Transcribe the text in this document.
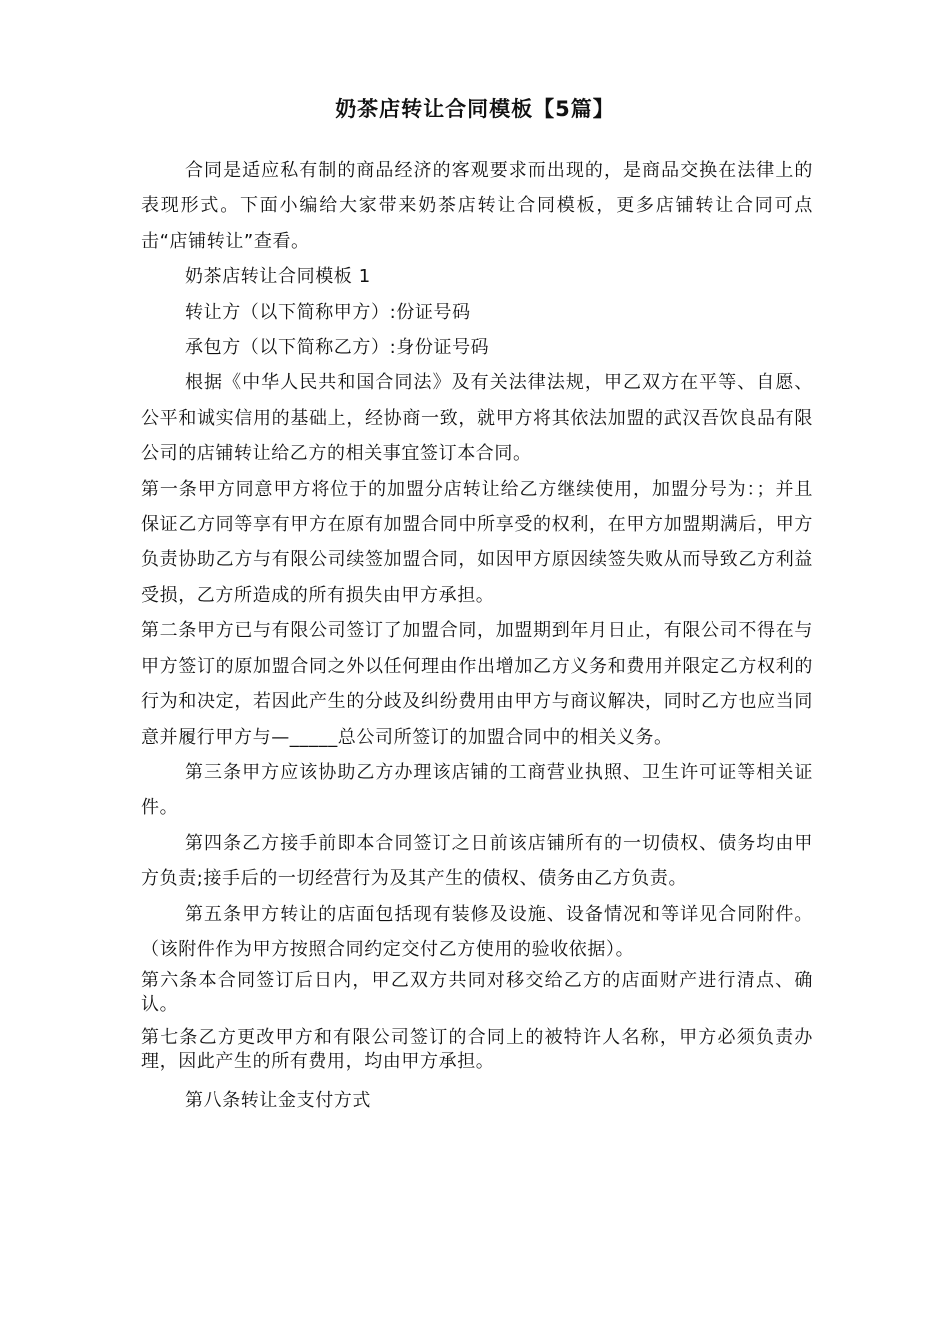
奶茶店转让合同模板【5篇】

合同是适应私有制的商品经济的客观要求而出现的，是商品交换在法律上的表现形式。下面小编给大家带来奶茶店转让合同模板，更多店铺转让合同可点击“店铺转让”查看。

奶茶店转让合同模板 1

转让方（以下简称甲方）:份证号码

承包方（以下简称乙方）:身份证号码

根据《中华人民共和国合同法》及有关法律法规，甲乙双方在平等、自愿、公平和诚实信用的基础上，经协商一致，就甲方将其依法加盟的武汉吾饮良品有限公司的店铺转让给乙方的相关事宜签订本合同。

第一条甲方同意甲方将位于的加盟分店转让给乙方继续使用，加盟分号为：；并且保证乙方同等享有甲方在原有加盟合同中所享受的权利，在甲方加盟期满后，甲方负责协助乙方与有限公司续签加盟合同，如因甲方原因续签失败从而导致乙方利益受损，乙方所造成的所有损失由甲方承担。

第二条甲方已与有限公司签订了加盟合同，加盟期到年月日止，有限公司不得在与甲方签订的原加盟合同之外以任何理由作出增加乙方义务和费用并限定乙方权利的行为和决定，若因此产生的分歧及纠纷费用由甲方与商议解决，同时乙方也应当同意并履行甲方与—_____总公司所签订的加盟合同中的相关义务。

第三条甲方应该协助乙方办理该店铺的工商营业执照、卫生许可证等相关证件。

第四条乙方接手前即本合同签订之日前该店铺所有的一切债权、债务均由甲方负责;接手后的一切经营行为及其产生的债权、债务由乙方负责。

第五条甲方转让的店面包括现有装修及设施、设备情况和等详见合同附件。（该附件作为甲方按照合同约定交付乙方使用的验收依据）。

第六条本合同签订后日内，甲乙双方共同对移交给乙方的店面财产进行清点、确认。

第七条乙方更改甲方和有限公司签订的合同上的被特许人名称，甲方必须负责办理，因此产生的所有费用，均由甲方承担。

第八条转让金支付方式
